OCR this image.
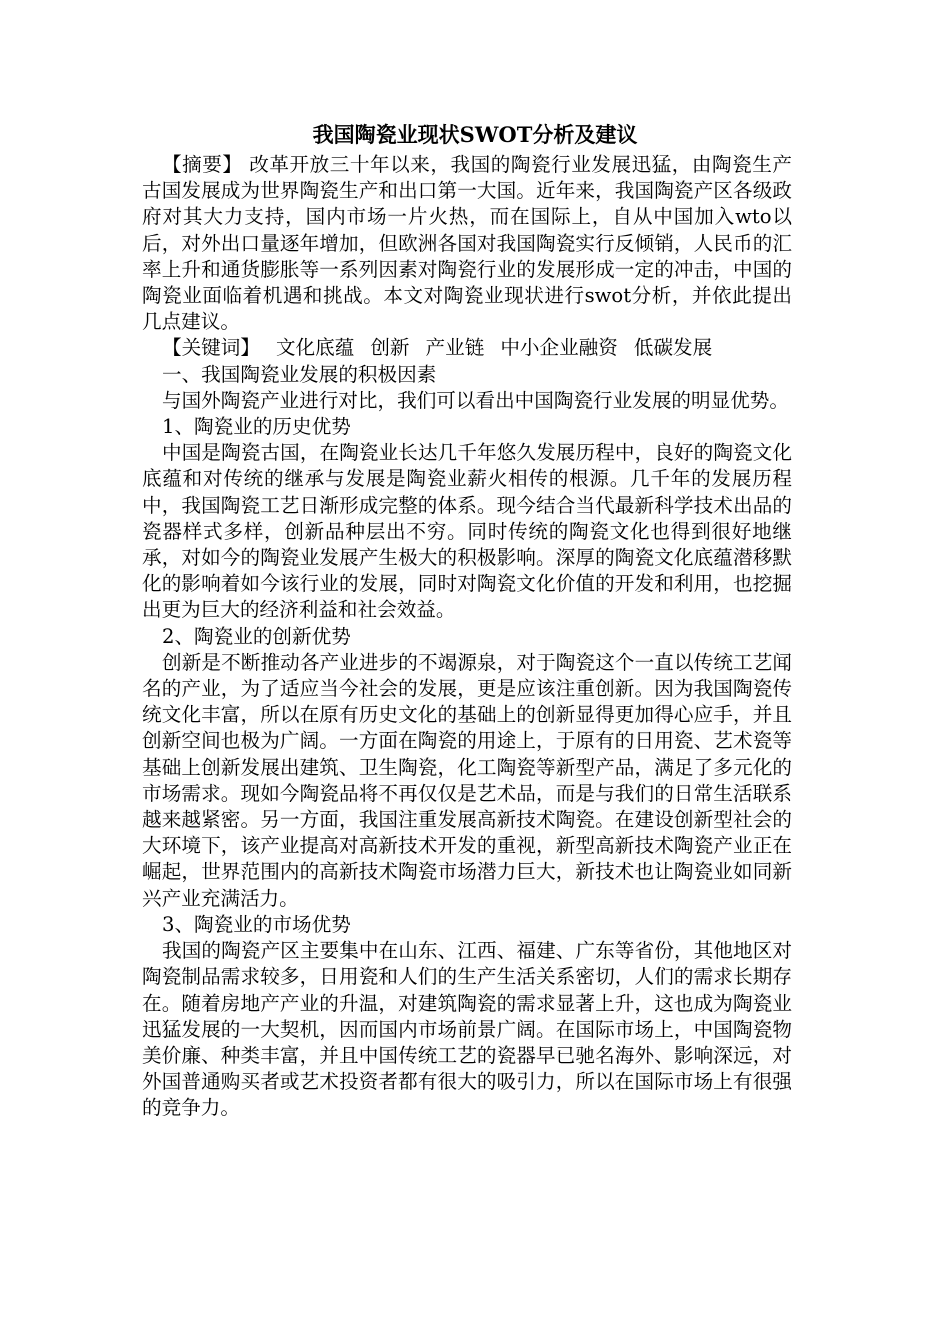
我国陶瓷业现状SWOT分析及建议

【摘要】 改革开放三十年以来，我国的陶瓷行业发展迅猛，由陶瓷生产古国发展成为世界陶瓷生产和出口第一大国。近年来，我国陶瓷产区各级政府对其大力支持，国内市场一片火热，而在国际上，自从中国加入wto以后，对外出口量逐年增加，但欧洲各国对我国陶瓷实行反倾销，人民币的汇率上升和通货膨胀等一系列因素对陶瓷行业的发展形成一定的冲击，中国的陶瓷业面临着机遇和挑战。本文对陶瓷业现状进行swot分析，并依此提出几点建议。

【关键词】 文化底蕴 创新 产业链 中小企业融资 低碳发展

一、我国陶瓷业发展的积极因素

与国外陶瓷产业进行对比，我们可以看出中国陶瓷行业发展的明显优势。

1、陶瓷业的历史优势

中国是陶瓷古国，在陶瓷业长达几千年悠久发展历程中，良好的陶瓷文化底蕴和对传统的继承与发展是陶瓷业薪火相传的根源。几千年的发展历程中，我国陶瓷工艺日渐形成完整的体系。现今结合当代最新科学技术出品的瓷器样式多样，创新品种层出不穷。同时传统的陶瓷文化也得到很好地继承，对如今的陶瓷业发展产生极大的积极影响。深厚的陶瓷文化底蕴潜移默化的影响着如今该行业的发展，同时对陶瓷文化价值的开发和利用，也挖掘出更为巨大的经济利益和社会效益。

2、陶瓷业的创新优势

创新是不断推动各产业进步的不竭源泉，对于陶瓷这个一直以传统工艺闻名的产业，为了适应当今社会的发展，更是应该注重创新。因为我国陶瓷传统文化丰富，所以在原有历史文化的基础上的创新显得更加得心应手，并且创新空间也极为广阔。一方面在陶瓷的用途上，于原有的日用瓷、艺术瓷等基础上创新发展出建筑、卫生陶瓷，化工陶瓷等新型产品，满足了多元化的市场需求。现如今陶瓷品将不再仅仅是艺术品，而是与我们的日常生活联系越来越紧密。另一方面，我国注重发展高新技术陶瓷。在建设创新型社会的大环境下，该产业提高对高新技术开发的重视，新型高新技术陶瓷产业正在崛起，世界范围内的高新技术陶瓷市场潜力巨大，新技术也让陶瓷业如同新兴产业充满活力。

3、陶瓷业的市场优势

我国的陶瓷产区主要集中在山东、江西、福建、广东等省份，其他地区对陶瓷制品需求较多，日用瓷和人们的生产生活关系密切，人们的需求长期存在。随着房地产产业的升温，对建筑陶瓷的需求显著上升，这也成为陶瓷业迅猛发展的一大契机，因而国内市场前景广阔。在国际市场上，中国陶瓷物美价廉、种类丰富，并且中国传统工艺的瓷器早已驰名海外、影响深远，对外国普通购买者或艺术投资者都有很大的吸引力，所以在国际市场上有很强的竞争力。
